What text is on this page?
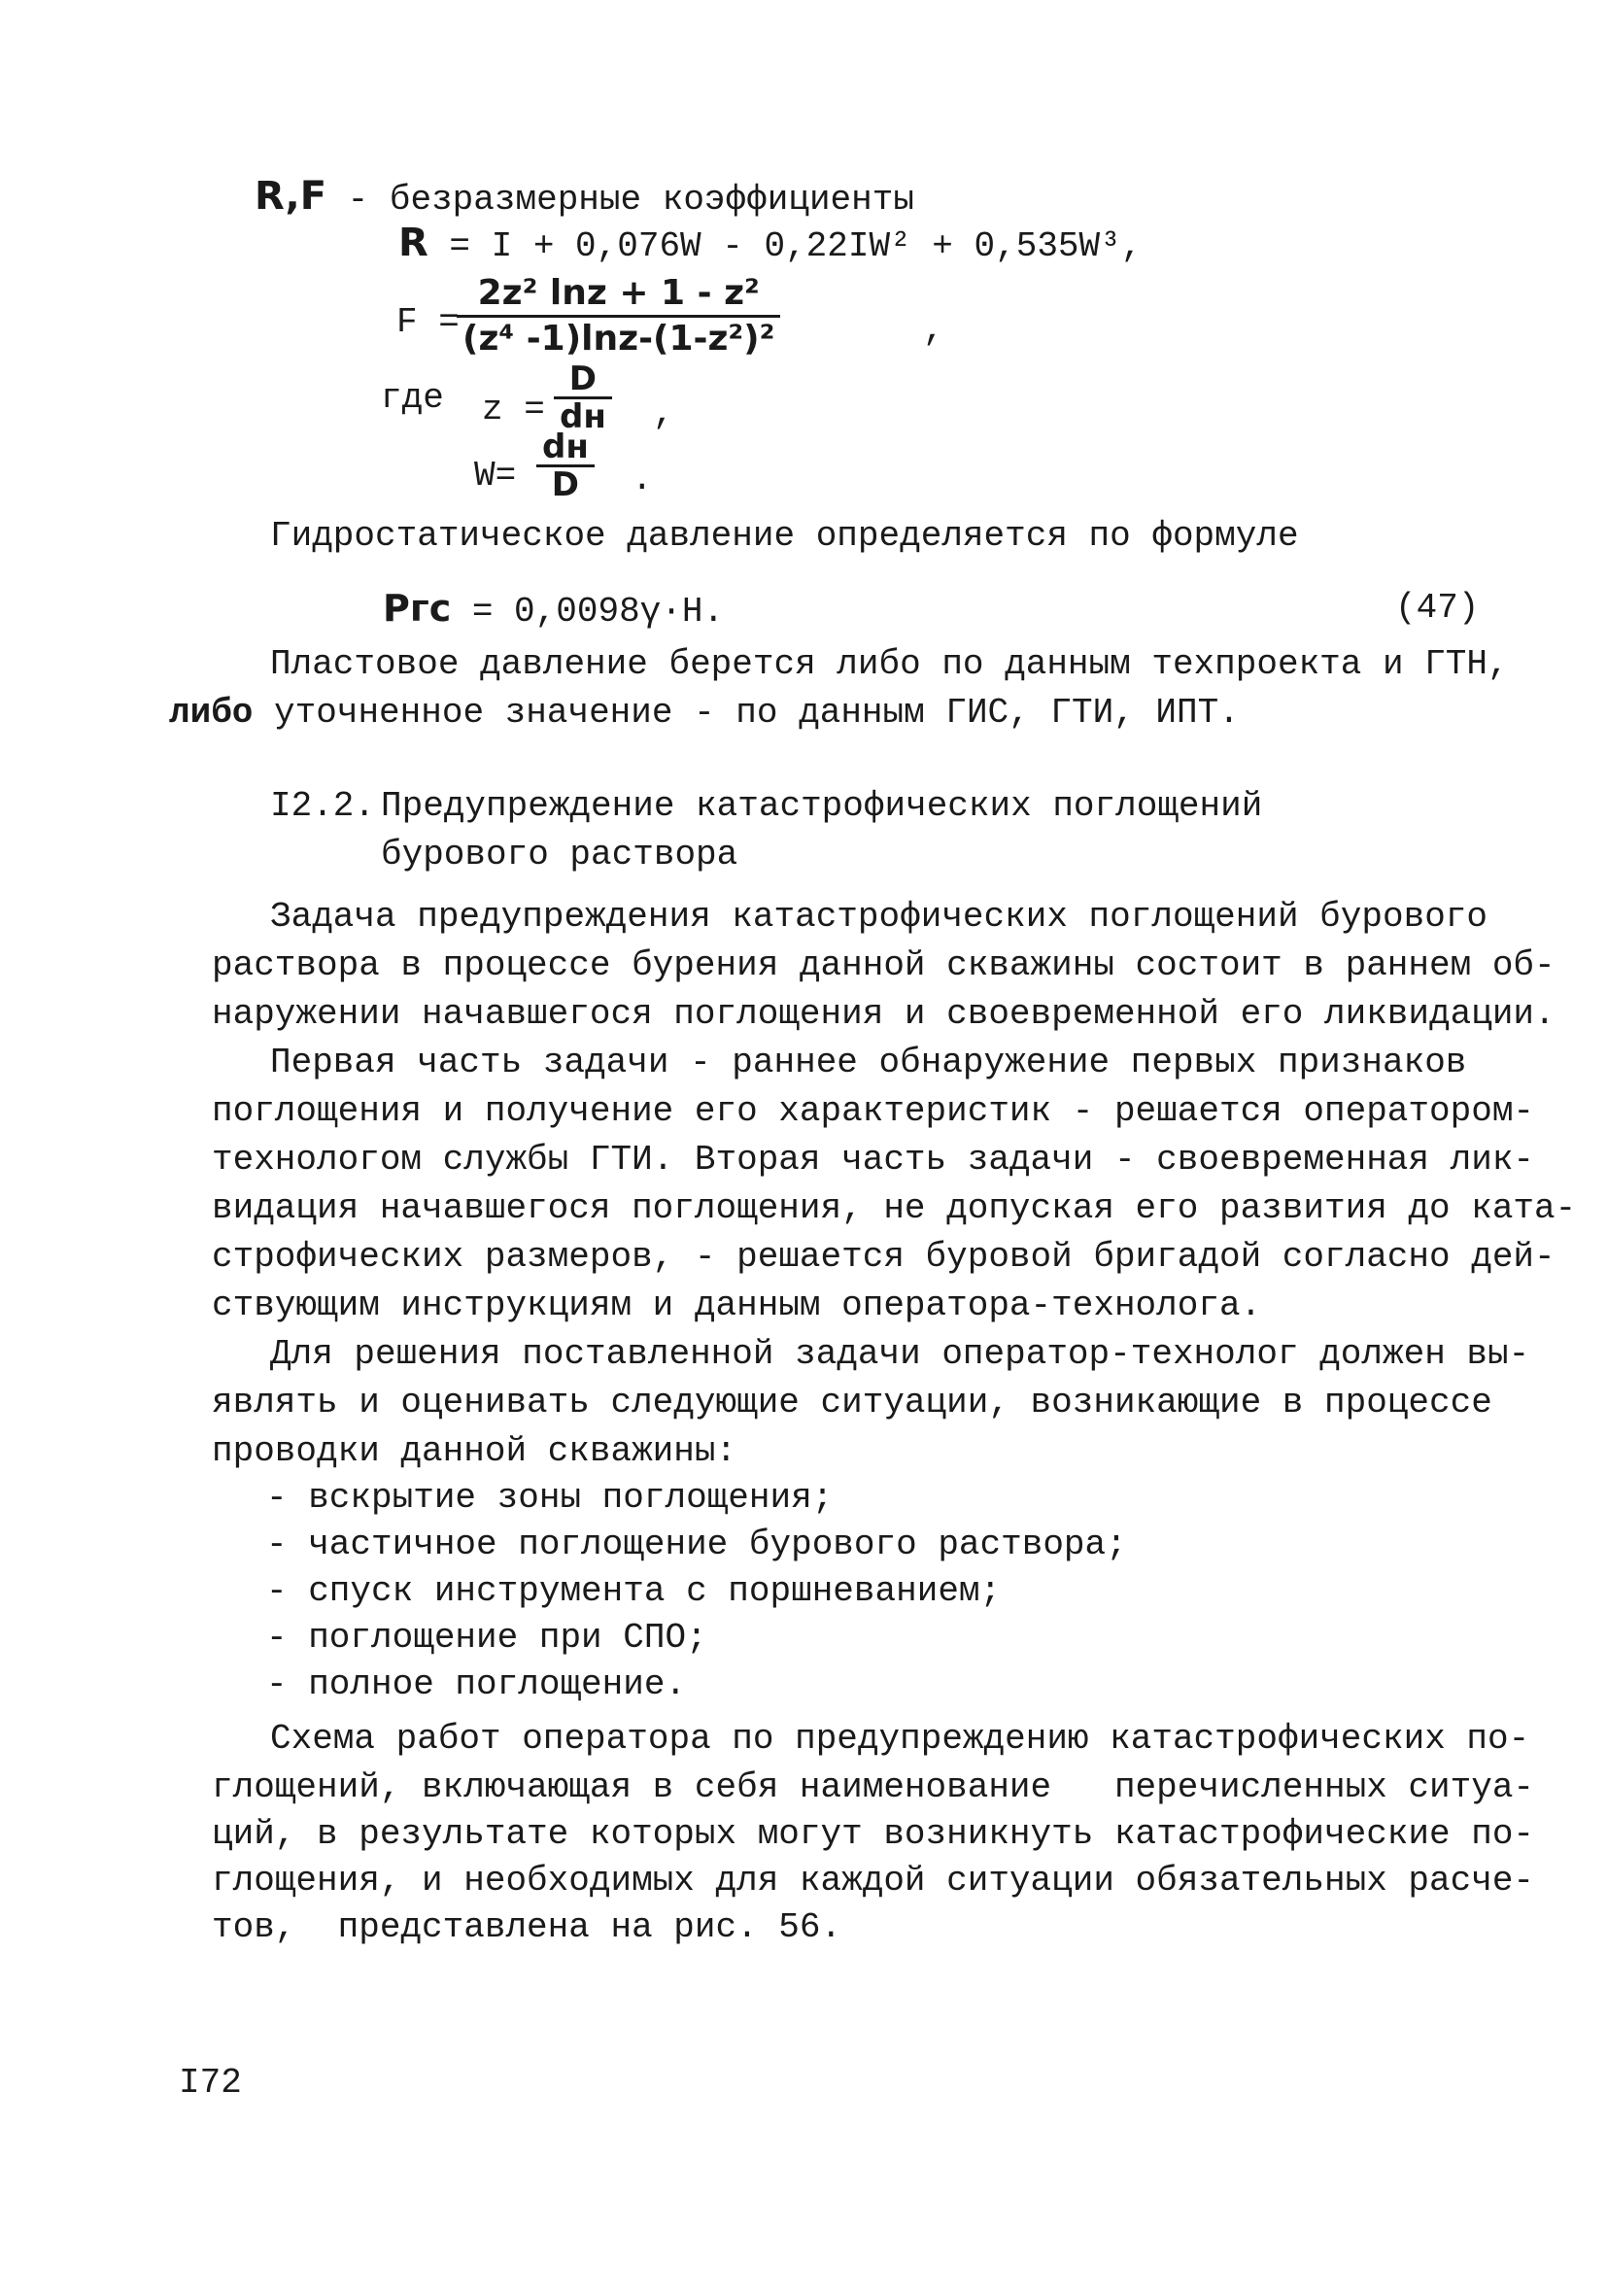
R,F - безразмерные коэффициенты
R = I + 0,076W - 0,22IW² + 0,535W³,
F =
2z² lnz + 1 - z²
(z⁴ -1)lnz-(1-z²)²	,
где z =
D
dн ,
W=
dн
D	.
Гидростатическое давление определяется по формуле
Pгс = 0,0098γ·H.	(47)
Пластовое давление берется либо по данным техпроекта и ГТН,
либо уточненное значение - по данным ГИС, ГТИ, ИПТ.
I2.2. Предупреждение катастрофических поглощений
бурового раствора
Задача предупреждения катастрофических поглощений бурового
раствора в процессе бурения данной скважины состоит в раннем об-
наружении начавшегося поглощения и своевременной его ликвидации.
Первая часть задачи - раннее обнаружение первых признаков
поглощения и получение его характеристик - решается оператором-
технологом службы ГТИ. Вторая часть задачи - своевременная лик-
видация начавшегося поглощения, не допуская его развития до ката-
строфических размеров, - решается буровой бригадой согласно дей-
ствующим инструкциям и данным оператора-технолога.
Для решения поставленной задачи оператор-технолог должен вы-
являть и оценивать следующие ситуации, возникающие в процессе
проводки данной скважины:
- вскрытие зоны поглощения;
- частичное поглощение бурового раствора;
- спуск инструмента с поршневанием;
- поглощение при СПО;
- полное поглощение.
Схема работ оператора по предупреждению катастрофических по-
глощений, включающая в себя наименование   перечисленных ситуа-
ций, в результате которых могут возникнуть катастрофические по-
глощения, и необходимых для каждой ситуации обязательных расче-
тов,  представлена на рис. 56.
I72
